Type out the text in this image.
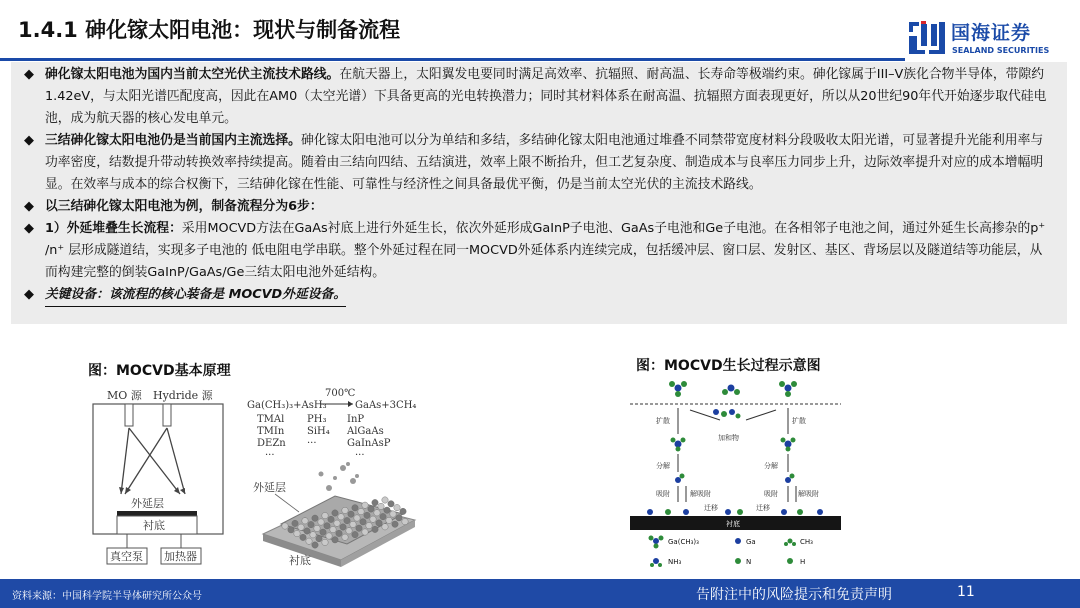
1.4.1 砷化镓太阳电池：现状与制备流程	国海证券
SEALAND SECURITIES

◆ 砷化镓太阳电池为国内当前太空光伏主流技术路线。在航天器上，太阳翼发电要同时满足高效率、抗辐照、耐高温、长寿命等极端约束。砷化镓属于III–V族化合物半导体，带隙约1.42eV，与太阳光谱匹配度高，因此在AM0（太空光谱）下具备更高的光电转换潜力；同时其材料体系在耐高温、抗辐照方面表现更好，所以从20世纪90年代开始逐步取代硅电池，成为航天器的核心发电单元。

◆ 三结砷化镓太阳电池仍是当前国内主流选择。砷化镓太阳电池可以分为单结和多结，多结砷化镓太阳电池通过堆叠不同禁带宽度材料分段吸收太阳光谱，可显著提升光能利用率与功率密度，结数提升带动转换效率持续提高。随着由三结向四结、五结演进，效率上限不断抬升，但工艺复杂度、制造成本与良率压力同步上升，边际效率提升对应的成本增幅明显。在效率与成本的综合权衡下，三结砷化镓在性能、可靠性与经济性之间具备最优平衡，仍是当前太空光伏的主流技术路线。

◆ 以三结砷化镓太阳电池为例，制备流程分为6步：

◆ 1）外延堆叠生长流程：采用MOCVD方法在GaAs衬底上进行外延生长，依次外延形成GaInP子电池、GaAs子电池和Ge子电池。在各相邻子电池之间，通过外延生长高掺杂的p⁺ /n⁺ 层形成隧道结，实现多子电池的 低电阻电学串联。整个外延过程在同一MOCVD外延体系内连续完成，包括缓冲层、窗口层、发射区、基区、背场层以及隧道结等功能层，从而构建完整的倒装GaInP/GaAs/Ge三结太阳电池外延结构。

◆ 关键设备：该流程的核心装备是 MOCVD外延设备。

图：MOCVD基本原理	图：MOCVD生长过程示意图
MO 源 Hydride 源
外延层
衬底
真空泵 加热器
700℃
Ga(CH₃)₃+AsH₃	GaAs+3CH₄
TMAl
TMIn
DEZn
PH₃
SiH₄
···
InP
AlGaAs
GaInAsP
···	···
外延层
衬底
扩散	扩散
加和物
分解	分解
吸附	解吸附	吸附	解吸附
迁移	迁移
衬底
Ga(CH₃)₃	Ga	CH₃
NH₃	N	H
资料来源：中国科学院半导体研究所公众号	告附注中的风险提示和免责声明	11
